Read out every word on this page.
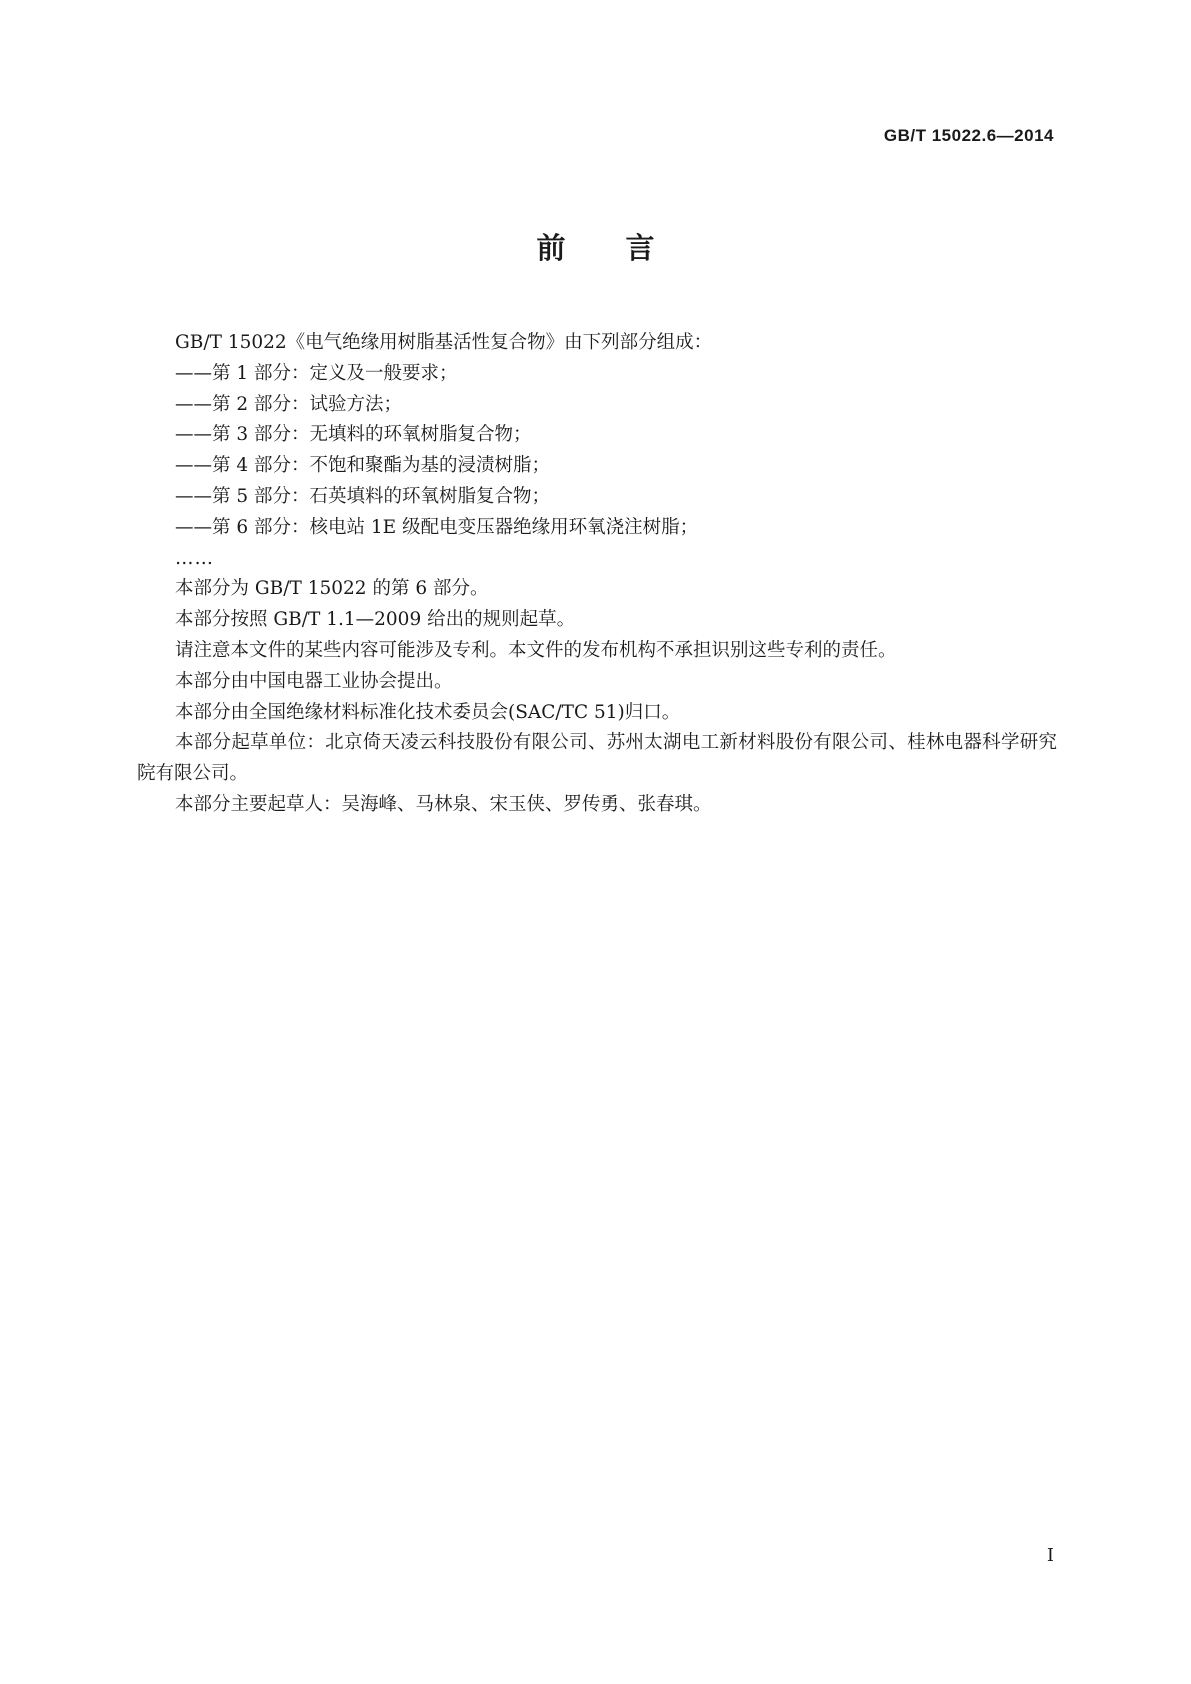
GB/T 15022.6—2014
前言

GB/T 15022《电气绝缘用树脂基活性复合物》由下列部分组成：

——第 1 部分：定义及一般要求；

——第 2 部分：试验方法；

——第 3 部分：无填料的环氧树脂复合物；

——第 4 部分：不饱和聚酯为基的浸渍树脂；

——第 5 部分：石英填料的环氧树脂复合物；

——第 6 部分：核电站 1E 级配电变压器绝缘用环氧浇注树脂；

……

本部分为 GB/T 15022 的第 6 部分。

本部分按照 GB/T 1.1—2009 给出的规则起草。

请注意本文件的某些内容可能涉及专利。本文件的发布机构不承担识别这些专利的责任。

本部分由中国电器工业协会提出。

本部分由全国绝缘材料标准化技术委员会(SAC/TC 51)归口。

本部分起草单位：北京倚天凌云科技股份有限公司、苏州太湖电工新材料股份有限公司、桂林电器科学研究院有限公司。

本部分主要起草人：吴海峰、马林泉、宋玉侠、罗传勇、张春琪。

I
